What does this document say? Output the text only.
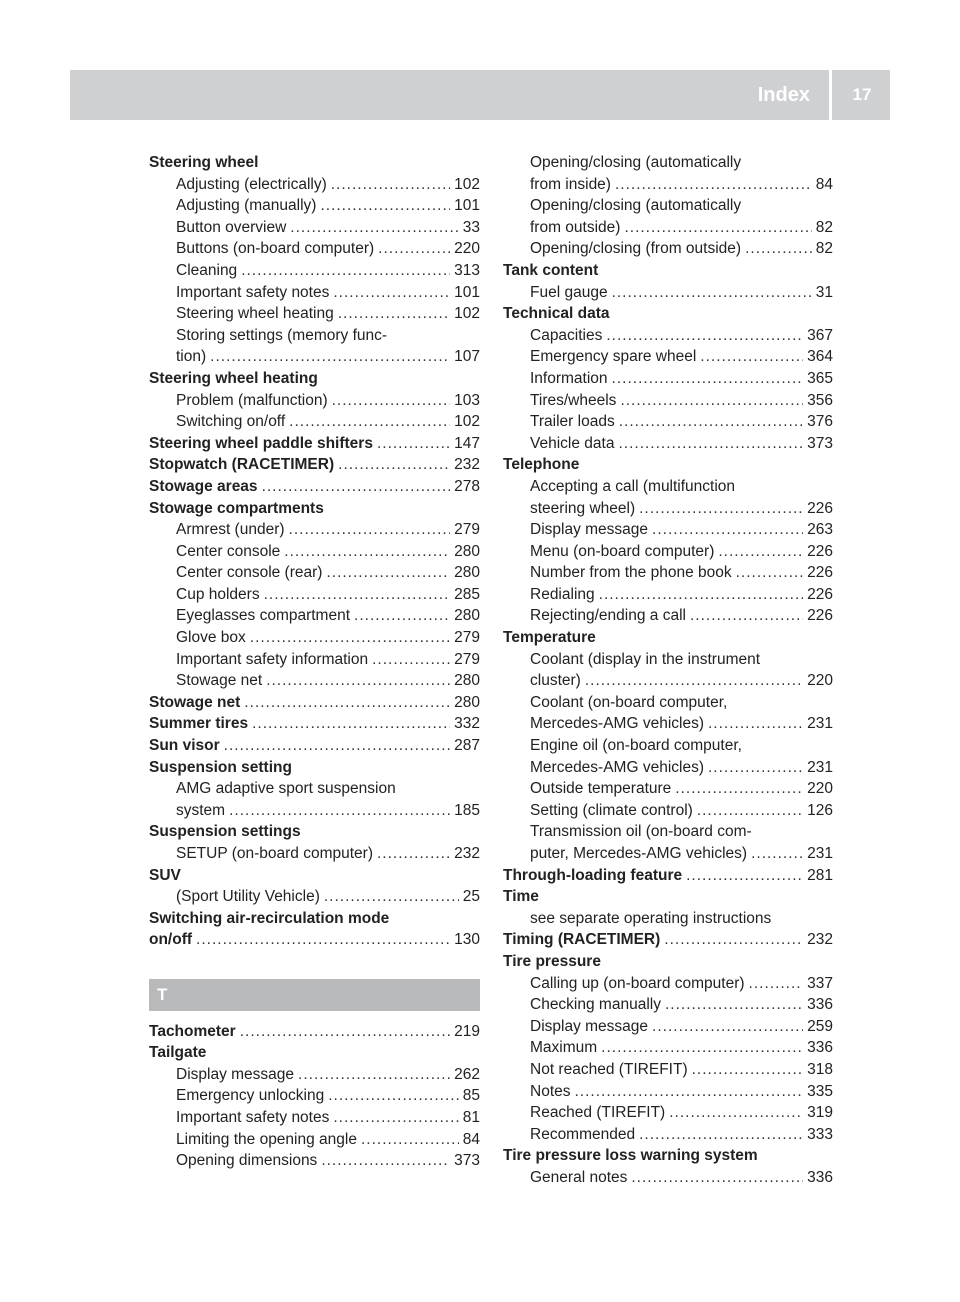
Index	17
Steering wheel
Adjusting (electrically) .....	102
Adjusting (manually) .....	101
Button overview .....	33
Buttons (on-board computer) .....	220
Cleaning .....	313
Important safety notes .....	101
Steering wheel heating .....	102
Storing settings (memory func-
tion) .....	107
Steering wheel heating
Problem (malfunction) .....	103
Switching on/off .....	102
Steering wheel paddle shifters .....	147
Stopwatch (RACETIMER) .....	232
Stowage areas .....	278
Stowage compartments
Armrest (under) .....	279
Center console .....	280
Center console (rear) .....	280
Cup holders .....	285
Eyeglasses compartment .....	280
Glove box .....	279
Important safety information .....	279
Stowage net .....	280
Stowage net .....	280
Summer tires .....	332
Sun visor .....	287
Suspension setting
AMG adaptive sport suspension
system .....	185
Suspension settings
SETUP (on-board computer) .....	232
SUV
(Sport Utility Vehicle) .....	25
Switching air-recirculation mode
on/off .....	130
T
Tachometer .....	219
Tailgate
Display message .....	262
Emergency unlocking .....	85
Important safety notes .....	81
Limiting the opening angle .....	84
Opening dimensions .....	373
Opening/closing (automatically
from inside) .....	84
Opening/closing (automatically
from outside) .....	82
Opening/closing (from outside) .....	82
Tank content
Fuel gauge .....	31
Technical data
Capacities .....	367
Emergency spare wheel .....	364
Information .....	365
Tires/wheels .....	356
Trailer loads .....	376
Vehicle data .....	373
Telephone
Accepting a call (multifunction
steering wheel) .....	226
Display message .....	263
Menu (on-board computer) .....	226
Number from the phone book .....	226
Redialing .....	226
Rejecting/ending a call .....	226
Temperature
Coolant (display in the instrument
cluster) .....	220
Coolant (on-board computer,
Mercedes-AMG vehicles) .....	231
Engine oil (on-board computer,
Mercedes-AMG vehicles) .....	231
Outside temperature .....	220
Setting (climate control) .....	126
Transmission oil (on-board com-
puter, Mercedes-AMG vehicles) .....	231
Through-loading feature .....	281
Time
see separate operating instructions
Timing (RACETIMER) .....	232
Tire pressure
Calling up (on-board computer) .....	337
Checking manually .....	336
Display message .....	259
Maximum .....	336
Not reached (TIREFIT) .....	318
Notes .....	335
Reached (TIREFIT) .....	319
Recommended .....	333
Tire pressure loss warning system
General notes .....	336
